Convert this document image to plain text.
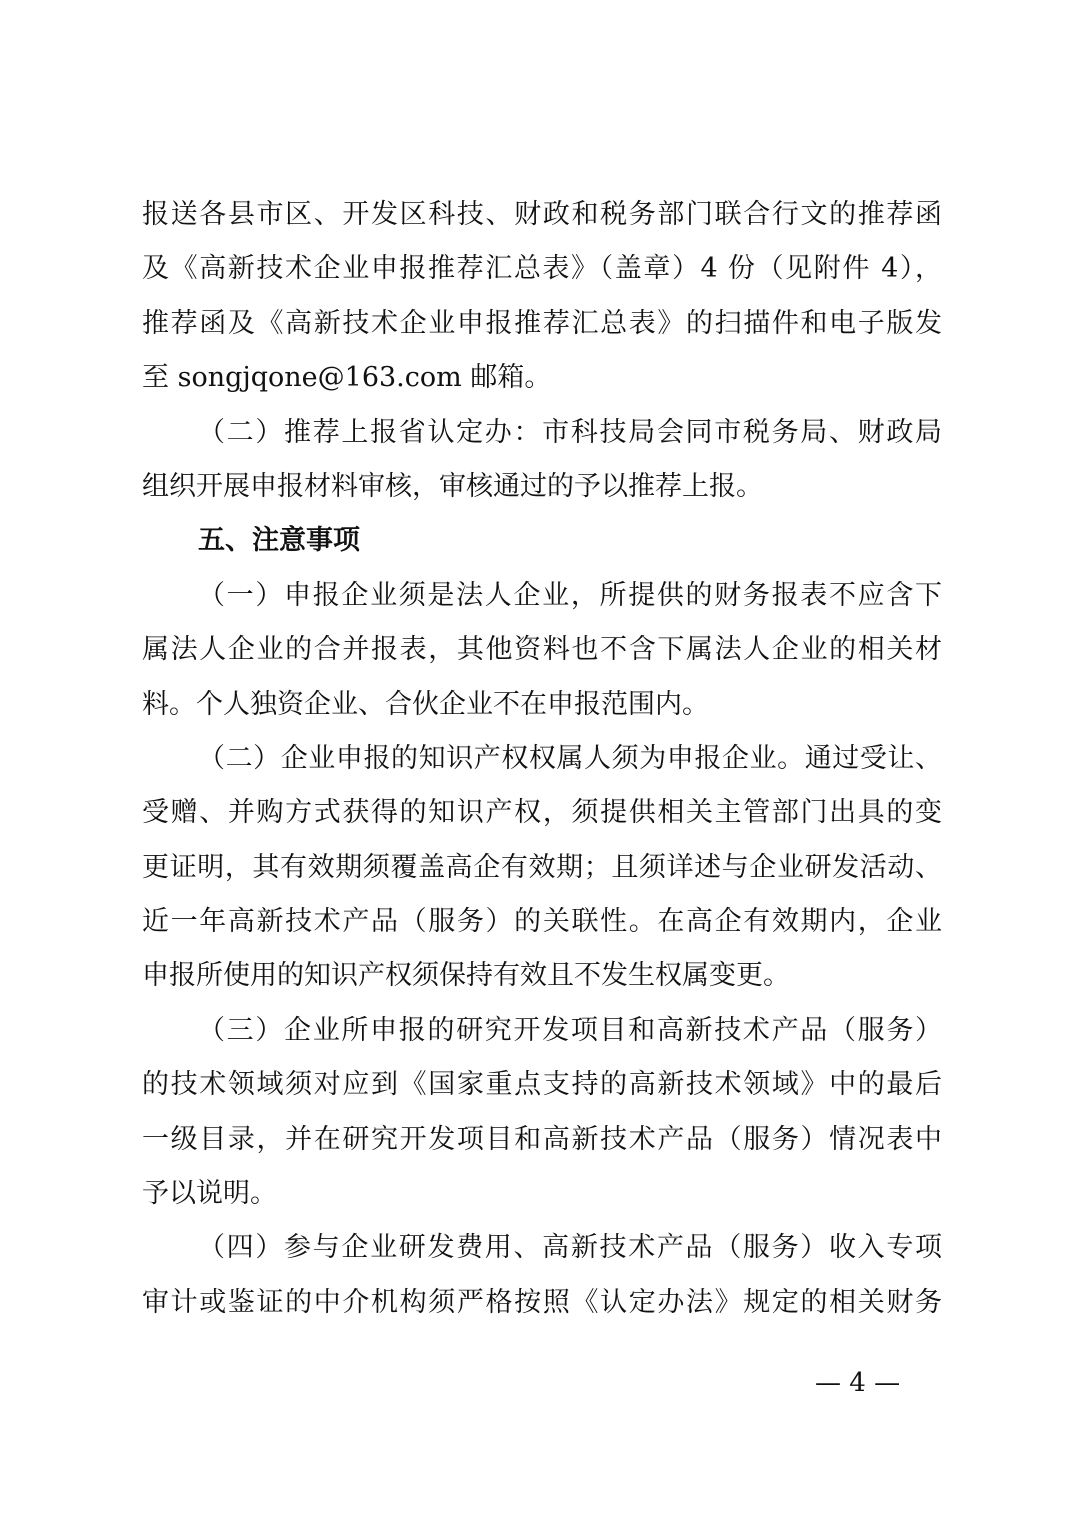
报送各县市区、开发区科技、财政和税务部门联合行文的推荐函
及《高新技术企业申报推荐汇总表》（盖章）4 份（见附件 4），
推荐函及《高新技术企业申报推荐汇总表》的扫描件和电子版发
至 songjqone@163.com 邮箱。
（二）推荐上报省认定办：市科技局会同市税务局、财政局
组织开展申报材料审核，审核通过的予以推荐上报。
五、注意事项
（一）申报企业须是法人企业，所提供的财务报表不应含下
属法人企业的合并报表，其他资料也不含下属法人企业的相关材
料。个人独资企业、合伙企业不在申报范围内。
（二）企业申报的知识产权权属人须为申报企业。通过受让、
受赠、并购方式获得的知识产权，须提供相关主管部门出具的变
更证明，其有效期须覆盖高企有效期；且须详述与企业研发活动、
近一年高新技术产品（服务）的关联性。在高企有效期内，企业
申报所使用的知识产权须保持有效且不发生权属变更。
（三）企业所申报的研究开发项目和高新技术产品（服务）
的技术领域须对应到《国家重点支持的高新技术领域》中的最后
一级目录，并在研究开发项目和高新技术产品（服务）情况表中
予以说明。
（四）参与企业研发费用、高新技术产品（服务）收入专项
审计或鉴证的中介机构须严格按照《认定办法》规定的相关财务
— 4 —
